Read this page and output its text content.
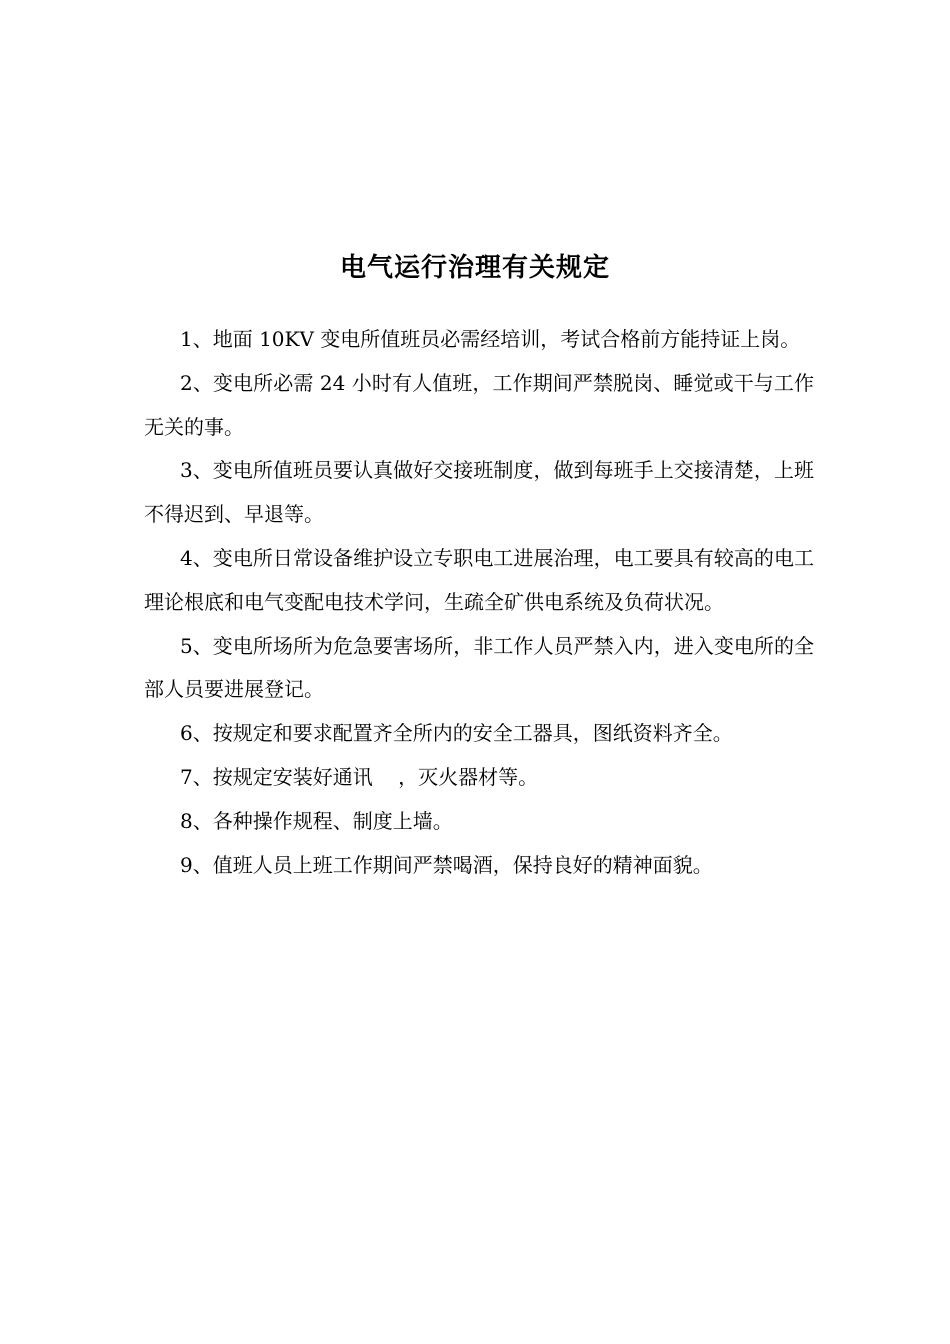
电气运行治理有关规定

1、地面 10KV 变电所值班员必需经培训，考试合格前方能持证上岗。

2、变电所必需 24 小时有人值班，工作期间严禁脱岗、睡觉或干与工作无关的事。

3、变电所值班员要认真做好交接班制度，做到每班手上交接清楚，上班不得迟到、早退等。

4、变电所日常设备维护设立专职电工进展治理，电工要具有较高的电工理论根底和电气变配电技术学问，生疏全矿供电系统及负荷状况。

5、变电所场所为危急要害场所，非工作人员严禁入内，进入变电所的全部人员要进展登记。

6、按规定和要求配置齐全所内的安全工器具，图纸资料齐全。

7、按规定安装好通讯    ，灭火器材等。

8、各种操作规程、制度上墙。

9、值班人员上班工作期间严禁喝酒，保持良好的精神面貌。
